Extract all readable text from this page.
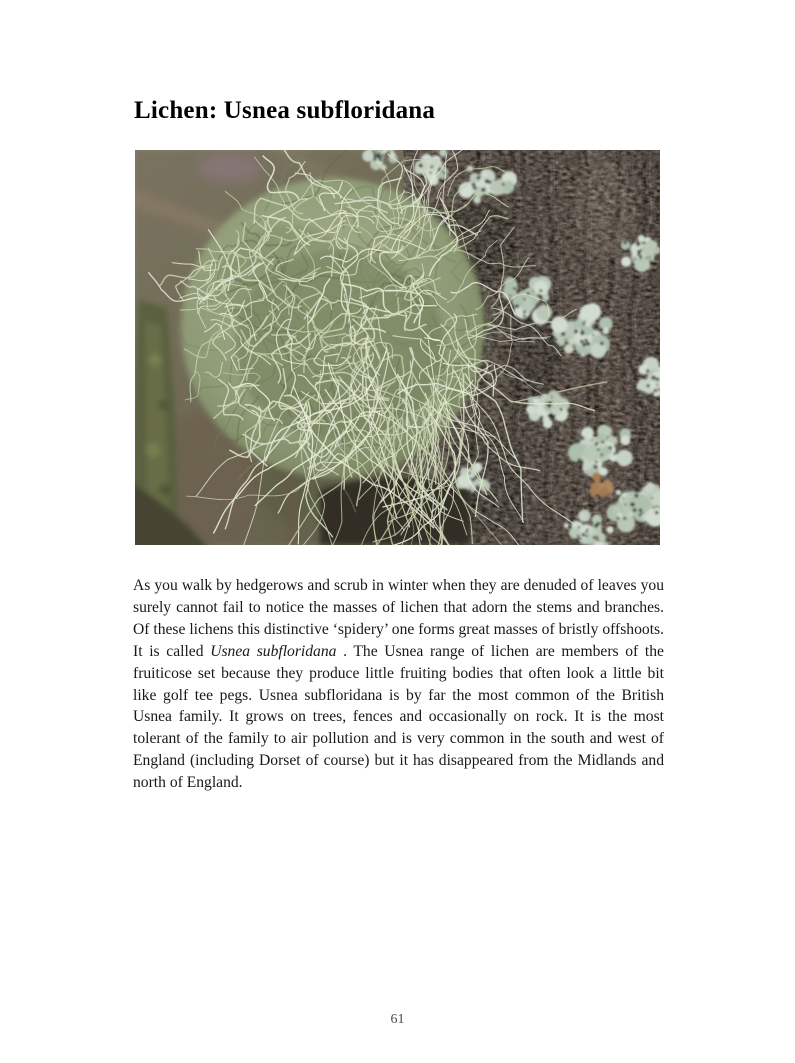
Lichen: Usnea subfloridana

As you walk by hedgerows and scrub in winter when they are denuded of leaves you surely cannot fail to notice the masses of lichen that adorn the stems and branches. Of these lichens this distinctive ‘spidery’ one forms great masses of bristly offshoots. It is called Usnea subfloridana . The Usnea range of lichen are members of the fruiticose set because they produce little fruiting bodies that often look a little bit like golf tee pegs. Usnea subfloridana is by far the most common of the British Usnea family. It grows on trees, fences and occasionally on rock. It is the most tolerant of the family to air pollution and is very common in the south and west of England (including Dorset of course) but it has disappeared from the Midlands and north of England.

61
